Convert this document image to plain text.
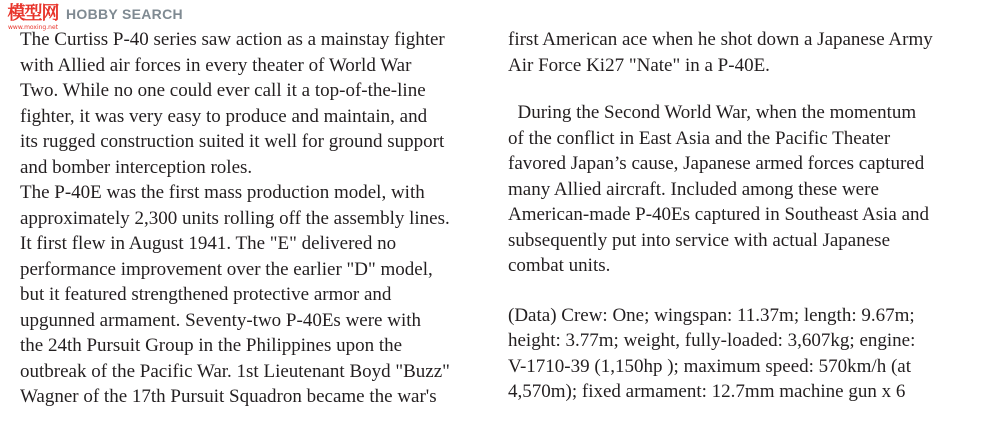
模型网
www.moxing.net
HOBBY SEARCH

The Curtiss P-40 series saw action as a mainstay fighter
with Allied air forces in every theater of World War
Two. While no one could ever call it a top-of-the-line
fighter, it was very easy to produce and maintain, and
its rugged construction suited it well for ground support
and bomber interception roles.
The P-40E was the first mass production model, with
approximately 2,300 units rolling off the assembly lines.
It first flew in August 1941. The "E" delivered no
performance improvement over the earlier "D" model,
but it featured strengthened protective armor and
upgunned armament. Seventy-two P-40Es were with
the 24th Pursuit Group in the Philippines upon the
outbreak of the Pacific War. 1st Lieutenant Boyd "Buzz"
Wagner of the 17th Pursuit Squadron became the war's

first American ace when he shot down a Japanese Army
Air Force Ki27 "Nate" in a P-40E.

During the Second World War, when the momentum
of the conflict in East Asia and the Pacific Theater
favored Japan’s cause, Japanese armed forces captured
many Allied aircraft. Included among these were
American-made P-40Es captured in Southeast Asia and
subsequently put into service with actual Japanese
combat units.

(Data) Crew: One; wingspan: 11.37m; length: 9.67m;
height: 3.77m; weight, fully-loaded: 3,607kg; engine:
V-1710-39 (1,150hp ); maximum speed: 570km/h (at
4,570m); fixed armament: 12.7mm machine gun x 6
